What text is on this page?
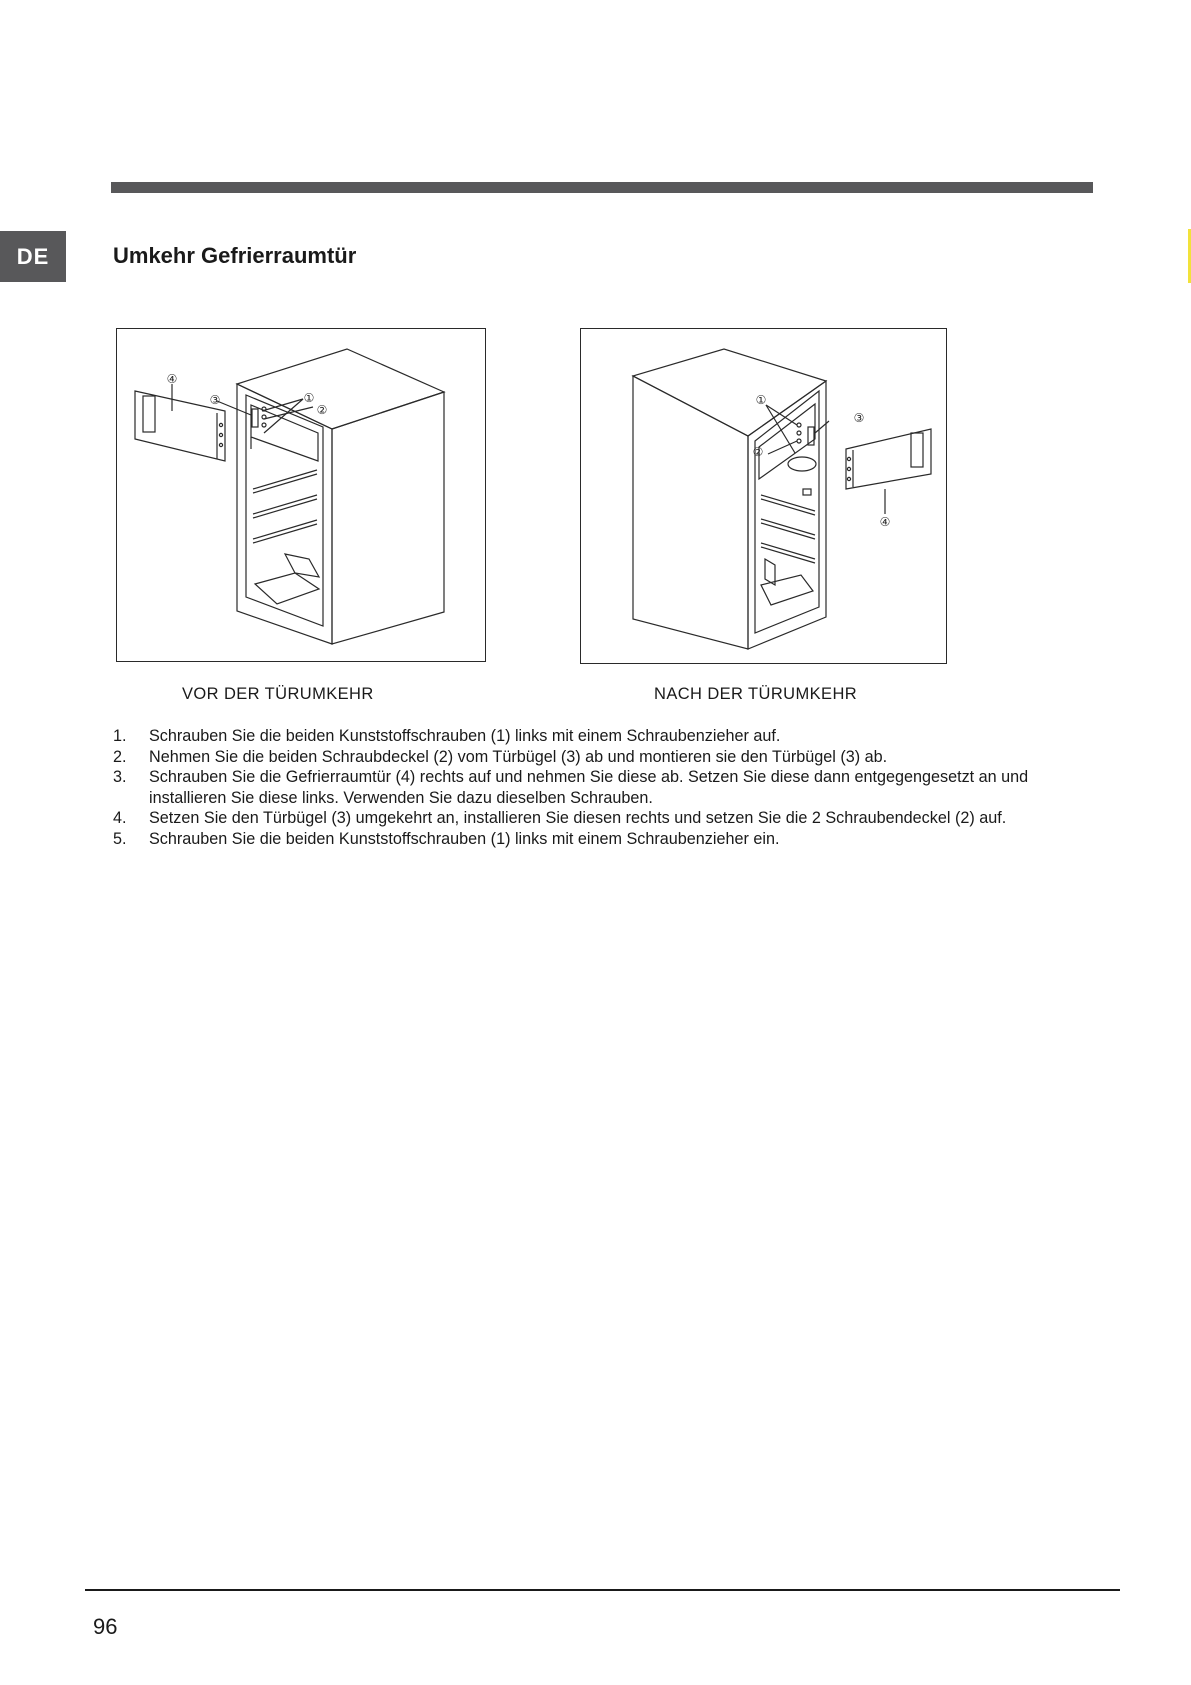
DE	Umkehr Gefrierraumtür
④
③	①
②
①
②
③
④

VOR DER TÜRUMKEHR	NACH DER TÜRUMKEHR

1.	Schrauben Sie die beiden Kunststoffschrauben (1) links mit einem Schraubenzieher auf.
2.	Nehmen Sie die beiden Schraubdeckel (2) vom Türbügel (3) ab und montieren sie den Türbügel (3) ab.
3.	Schrauben Sie die Gefrierraumtür (4) rechts auf und nehmen Sie diese ab. Setzen Sie diese dann entgegengesetzt an und installieren Sie diese links. Verwenden Sie dazu dieselben Schrauben.
4.	Setzen Sie den Türbügel (3) umgekehrt an, installieren Sie diesen rechts und setzen Sie die 2 Schraubendeckel (2) auf.
5.	Schrauben Sie die beiden Kunststoffschrauben (1) links mit einem Schraubenzieher ein.

96
